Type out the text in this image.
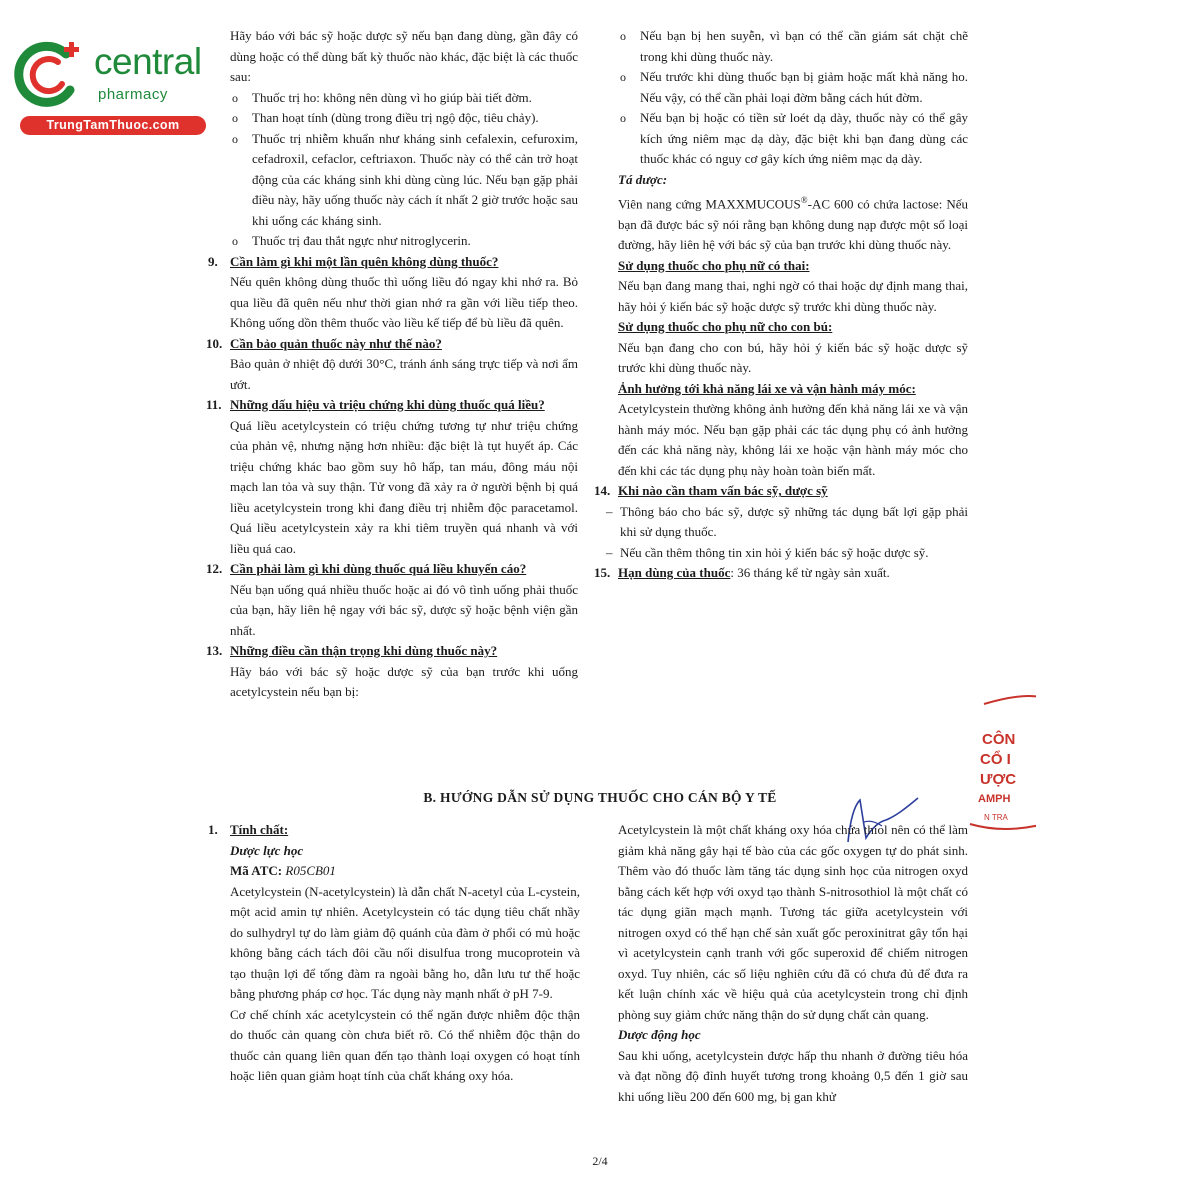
central
pharmacy
TrungTamThuoc.com

Hãy báo với bác sỹ hoặc dược sỹ nếu bạn đang dùng, gần đây có dùng hoặc có thể dùng bất kỳ thuốc nào khác, đặc biệt là các thuốc sau:

o Thuốc trị ho: không nên dùng vì ho giúp bài tiết đờm.
o Than hoạt tính (dùng trong điều trị ngộ độc, tiêu chảy).
o Thuốc trị nhiễm khuẩn như kháng sinh cefalexin, cefuroxim, cefadroxil, cefaclor, ceftriaxon. Thuốc này có thể cản trở hoạt động của các kháng sinh khi dùng cùng lúc. Nếu bạn gặp phải điều này, hãy uống thuốc này cách ít nhất 2 giờ trước hoặc sau khi uống các kháng sinh.
o Thuốc trị đau thắt ngực như nitroglycerin.
9. Cần làm gì khi một lần quên không dùng thuốc?

Nếu quên không dùng thuốc thì uống liều đó ngay khi nhớ ra. Bỏ qua liều đã quên nếu như thời gian nhớ ra gần với liều tiếp theo. Không uống dồn thêm thuốc vào liều kế tiếp để bù liều đã quên.

10. Cần bảo quản thuốc này như thế nào?

Bảo quản ở nhiệt độ dưới 30°C, tránh ánh sáng trực tiếp và nơi ẩm ướt.

11. Những dấu hiệu và triệu chứng khi dùng thuốc quá liều?

Quá liều acetylcystein có triệu chứng tương tự như triệu chứng của phản vệ, nhưng nặng hơn nhiều: đặc biệt là tụt huyết áp. Các triệu chứng khác bao gồm suy hô hấp, tan máu, đông máu nội mạch lan tỏa và suy thận. Tử vong đã xảy ra ở người bệnh bị quá liều acetylcystein trong khi đang điều trị nhiễm độc paracetamol. Quá liều acetylcystein xảy ra khi tiêm truyền quá nhanh và với liều quá cao.

12. Cần phải làm gì khi dùng thuốc quá liều khuyến cáo?

Nếu bạn uống quá nhiều thuốc hoặc ai đó vô tình uống phải thuốc của bạn, hãy liên hệ ngay với bác sỹ, dược sỹ hoặc bệnh viện gần nhất.

13. Những điều cần thận trọng khi dùng thuốc này?

Hãy báo với bác sỹ hoặc dược sỹ của bạn trước khi uống acetylcystein nếu bạn bị:

o Nếu bạn bị hen suyễn, vì bạn có thể cần giám sát chặt chẽ trong khi dùng thuốc này.
o Nếu trước khi dùng thuốc bạn bị giảm hoặc mất khả năng ho. Nếu vậy, có thể cần phải loại đờm bằng cách hút đờm.
o Nếu bạn bị hoặc có tiền sử loét dạ dày, thuốc này có thể gây kích ứng niêm mạc dạ dày, đặc biệt khi bạn đang dùng các thuốc khác có nguy cơ gây kích ứng niêm mạc dạ dày.
Tá dược:

Viên nang cứng MAXXMUCOUS®-AC 600 có chứa lactose: Nếu bạn đã được bác sỹ nói rằng bạn không dung nạp được một số loại đường, hãy liên hệ với bác sỹ của bạn trước khi dùng thuốc này.

Sử dụng thuốc cho phụ nữ có thai:

Nếu bạn đang mang thai, nghi ngờ có thai hoặc dự định mang thai, hãy hỏi ý kiến bác sỹ hoặc dược sỹ trước khi dùng thuốc này.

Sử dụng thuốc cho phụ nữ cho con bú:

Nếu bạn đang cho con bú, hãy hỏi ý kiến bác sỹ hoặc dược sỹ trước khi dùng thuốc này.

Ảnh hưởng tới khả năng lái xe và vận hành máy móc:

Acetylcystein thường không ảnh hưởng đến khả năng lái xe và vận hành máy móc. Nếu bạn gặp phải các tác dụng phụ có ảnh hưởng đến các khả năng này, không lái xe hoặc vận hành máy móc cho đến khi các tác dụng phụ này hoàn toàn biến mất.

14. Khi nào cần tham vấn bác sỹ, dược sỹ
– Thông báo cho bác sỹ, dược sỹ những tác dụng bất lợi gặp phải khi sử dụng thuốc.
– Nếu cần thêm thông tin xin hỏi ý kiến bác sỹ hoặc dược sỹ.
15. Hạn dùng của thuốc: 36 tháng kể từ ngày sản xuất.

CÔN
CỔ I
ƯỢC
AMPH
N TRA
B. HƯỚNG DẪN SỬ DỤNG THUỐC CHO CÁN BỘ Y TẾ
1. Tính chất:
Dược lực học

Mã ATC: R05CB01

Acetylcystein (N-acetylcystein) là dẫn chất N-acetyl của L-cystein, một acid amin tự nhiên. Acetylcystein có tác dụng tiêu chất nhầy do sulhydryl tự do làm giảm độ quánh của đàm ở phổi có mủ hoặc không bằng cách tách đôi cầu nối disulfua trong mucoprotein và tạo thuận lợi để tống đàm ra ngoài bằng ho, dẫn lưu tư thế hoặc bằng phương pháp cơ học. Tác dụng này mạnh nhất ở pH 7-9.

Cơ chế chính xác acetylcystein có thể ngăn được nhiễm độc thận do thuốc cản quang còn chưa biết rõ. Có thể nhiễm độc thận do thuốc cản quang liên quan đến tạo thành loại oxygen có hoạt tính hoặc liên quan giảm hoạt tính của chất kháng oxy hóa.

Acetylcystein là một chất kháng oxy hóa chứa thiol nên có thể làm giảm khả năng gây hại tế bào của các gốc oxygen tự do phát sinh. Thêm vào đó thuốc làm tăng tác dụng sinh học của nitrogen oxyd bằng cách kết hợp với oxyd tạo thành S-nitrosothiol là một chất có tác dụng giãn mạch mạnh. Tương tác giữa acetylcystein với nitrogen oxyd có thể hạn chế sản xuất gốc peroxinitrat gây tổn hại vì acetylcystein cạnh tranh với gốc superoxid để chiếm nitrogen oxyd. Tuy nhiên, các số liệu nghiên cứu đã có chưa đủ để đưa ra kết luận chính xác về hiệu quả của acetylcystein trong chỉ định phòng suy giảm chức năng thận do sử dụng chất cản quang.

Dược động học

Sau khi uống, acetylcystein được hấp thu nhanh ở đường tiêu hóa và đạt nồng độ đỉnh huyết tương trong khoảng 0,5 đến 1 giờ sau khi uống liều 200 đến 600 mg, bị gan khử

2/4
